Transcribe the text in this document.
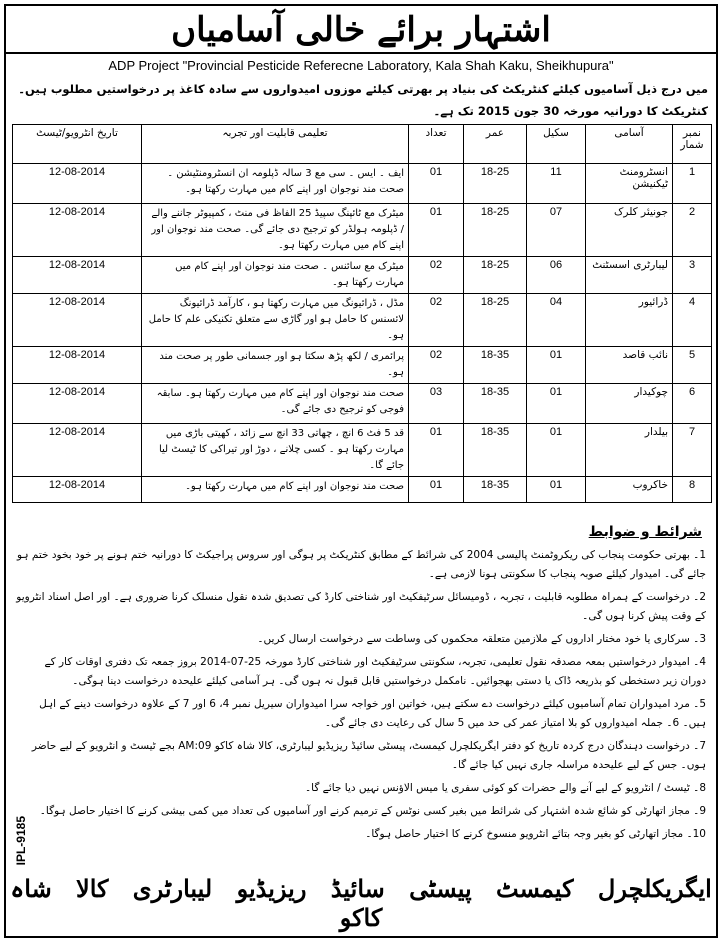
اشتہار برائے خالی آسامیاں
ADP Project "Provincial Pesticide Referecne Laboratory, Kala Shah Kaku, Sheikhupura"
میں درج ذیل آسامیوں کیلئے کنٹریکٹ کی بنیاد پر بھرتی کیلئے موزوں امیدواروں سے سادہ کاغذ پر درخواستیں مطلوب ہیں۔ کنٹریکٹ کا دورانیہ مورخہ 30 جون 2015 تک ہے۔
نمبر شمار	آسامی	سکیل	عمر	تعداد	تعلیمی قابلیت اور تجربہ	تاریخ انٹرویو/ٹیسٹ
1	انسٹرومنٹ ٹیکنیشن	11	18-25	01	ایف ۔ ایس ۔ سی مع 3 سالہ ڈپلومہ ان انسٹرومنٹیشن ۔ صحت مند نوجوان اور اپنے کام میں مہارت رکھتا ہو۔	12-08-2014
2	جونیئر کلرک	07	18-25	01	میٹرک مع ٹائپنگ سپیڈ 25 الفاظ فی منٹ ، کمپیوٹر جاننے والے / ڈپلومہ ہولڈر کو ترجیح دی جائے گی۔ صحت مند نوجوان اور اپنے کام میں مہارت رکھتا ہو۔	12-08-2014
3	لیبارٹری اسسٹنٹ	06	18-25	02	میٹرک مع سائنس ۔ صحت مند نوجوان اور اپنے کام میں مہارت رکھتا ہو۔	12-08-2014
4	ڈرائیور	04	18-25	02	مڈل ، ڈرائیونگ میں مہارت رکھتا ہو ، کارآمد ڈرائیونگ لائسنس کا حامل ہو اور گاڑی سے متعلق تکنیکی علم کا حامل ہو۔	12-08-2014
5	نائب قاصد	01	18-35	02	پرائمری / لکھ پڑھ سکتا ہو اور جسمانی طور پر صحت مند ہو۔	12-08-2014
6	چوکیدار	01	18-35	03	صحت مند نوجوان اور اپنے کام میں مہارت رکھتا ہو۔ سابقہ فوجی کو ترجیح دی جائے گی۔	12-08-2014
7	بیلدار	01	18-35	01	قد 5 فٹ 6 انچ ، چھاتی 33 انچ سے زائد ، کھیتی باڑی میں مہارت رکھتا ہو ۔ کسی چلانے ، دوڑ اور تیراکی کا ٹیسٹ لیا جائے گا۔	12-08-2014
8	خاکروب	01	18-35	01	صحت مند نوجوان اور اپنے کام میں مہارت رکھتا ہو۔	12-08-2014
شرائط و ضوابط
1۔ بھرتی حکومت پنجاب کی ریکروٹمنٹ پالیسی 2004 کی شرائط کے مطابق کنٹریکٹ پر ہوگی اور سروس پراجیکٹ کا دورانیہ ختم ہونے پر خود بخود ختم ہو جائے گی۔ امیدوار کیلئے صوبہ پنجاب کا سکونتی ہونا لازمی ہے۔
2۔ درخواست کے ہمراہ مطلوبہ قابلیت ، تجربہ ، ڈومیسائل سرٹیفکیٹ اور شناختی کارڈ کی تصدیق شدہ نقول منسلک کرنا ضروری ہے۔ اور اصل اسناد انٹرویو کے وقت پیش کرنا ہوں گی۔
3۔ سرکاری یا خود مختار اداروں کے ملازمین متعلقہ محکموں کی وساطت سے درخواست ارسال کریں۔
4۔ امیدوار درخواستیں بمعہ مصدقہ نقول تعلیمی، تجربہ، سکونتی سرٹیفکیٹ اور شناختی کارڈ مورخہ 25-07-2014 بروز جمعہ تک دفتری اوقات کار کے دوران زیر دستخطی کو بذریعہ ڈاک یا دستی بھجوائیں۔ نامکمل درخواستیں قابل قبول نہ ہوں گی۔ ہر آسامی کیلئے علیحدہ درخواست دینا ہوگی۔
5۔ مرد امیدواران تمام آسامیوں کیلئے درخواست دے سکتے ہیں، خواتین اور خواجہ سرا امیدواران سیریل نمبر 4، 6 اور 7 کے علاوہ درخواست دینے کے اہل ہیں۔ 6۔ جملہ امیدواروں کو بلا امتیاز عمر کی حد میں 5 سال کی رعایت دی جائے گی۔
7۔ درخواست دہندگان درج کردہ تاریخ کو دفتر ایگریکلچرل کیمسٹ، پیسٹی سائیڈ ریزیڈیو لیبارٹری، کالا شاہ کاکو 09:AM بجے ٹیسٹ و انٹرویو کے لیے حاضر ہوں۔ جس کے لیے علیحدہ مراسلہ جاری نہیں کیا جائے گا۔
8۔ ٹیسٹ / انٹرویو کے لیے آنے والے حضرات کو کوئی سفری یا میس الاؤنس نہیں دیا جائے گا۔
9۔ مجاز اتھارٹی کو شائع شدہ اشتہار کی شرائط میں بغیر کسی نوٹس کے ترمیم کرنے اور آسامیوں کی تعداد میں کمی بیشی کرنے کا اختیار حاصل ہوگا۔
10۔ مجاز اتھارٹی کو بغیر وجہ بتائے انٹرویو منسوخ کرنے کا اختیار حاصل ہوگا۔
IPL-9185
ایگریکلچرل کیمسٹ پیسٹی سائیڈ ریزیڈیو لیبارٹری کالا شاہ کاکو
